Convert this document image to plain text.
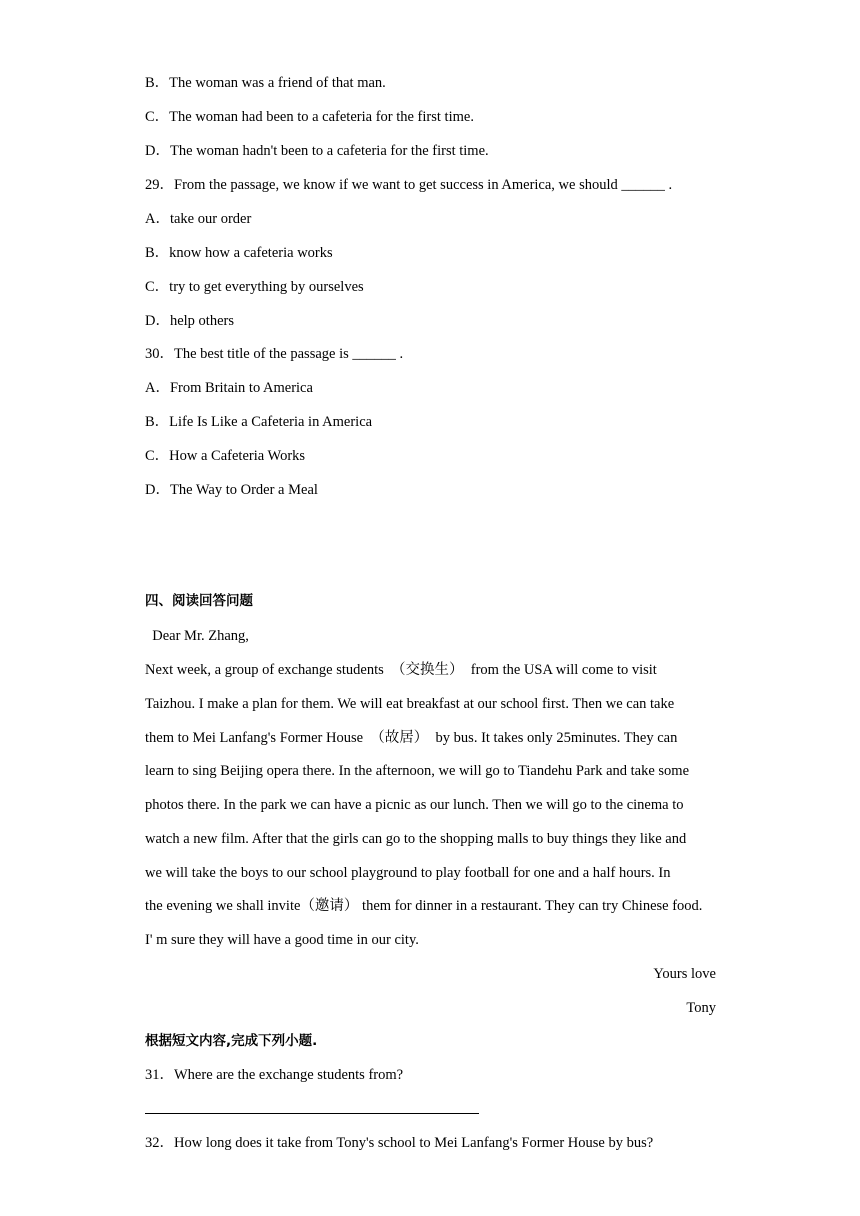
B．The woman was a friend of that man.
C．The woman had been to a cafeteria for the first time.
D．The woman hadn't been to a cafeteria for the first time.
29．From the passage, we know if we want to get success in America, we should ______ .
A．take our order
B．know how a cafeteria works
C．try to get everything by ourselves
D．help others
30．The best title of the passage is ______ .
A．From Britain to America
B．Life Is Like a Cafeteria in America
C．How a Cafeteria Works
D．The Way to Order a Meal
四、阅读回答问题
Dear Mr. Zhang,
Next week, a group of exchange students  （交换生）  from the USA will come to visit
Taizhou. I make a plan for them. We will eat breakfast at our school first. Then we can take
them to Mei Lanfang's Former House  （故居）  by bus. It takes only 25minutes. They can
learn to sing Beijing opera there. In the afternoon, we will go to Tiandehu Park and take some
photos there. In the park we can have a picnic as our lunch. Then we will go to the cinema to
watch a new film. After that the girls can go to the shopping malls to buy things they like and
we will take the boys to our school playground to play football for one and a half hours. In
the evening we shall invite（邀请） them for dinner in a restaurant. They can try Chinese food.
I' m sure they will have a good time in our city.
Yours love
Tony
根据短文内容,完成下列小题.
31．Where are the exchange students from?
32．How long does it take from Tony's school to Mei Lanfang's Former House by bus?
